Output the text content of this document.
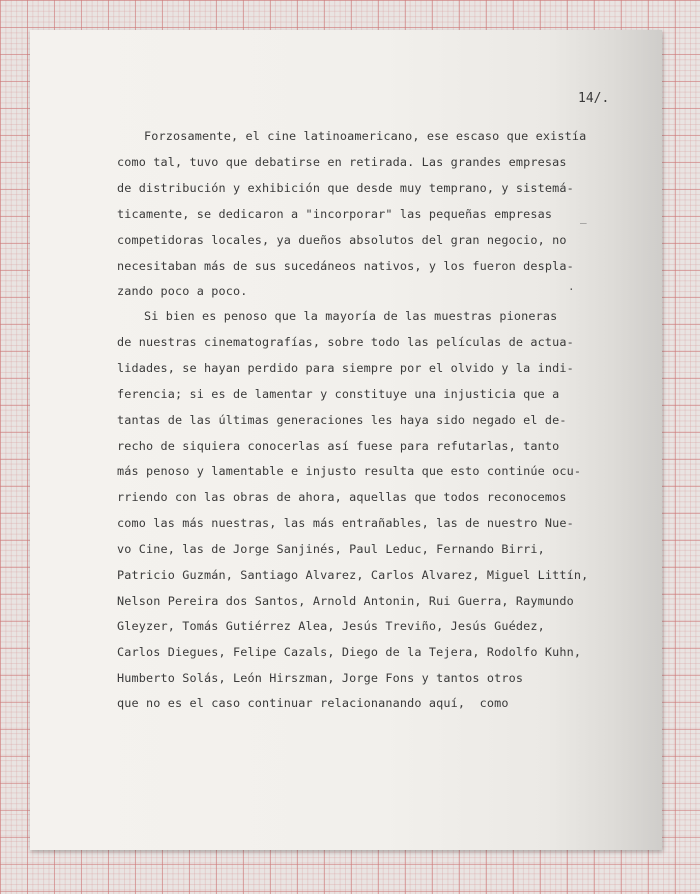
14/.
Forzosamente, el cine latinoamericano, ese escaso que existía
como tal, tuvo que debatirse en retirada. Las grandes empresas
de distribución y exhibición que desde muy temprano, y sistemá-
ticamente, se dedicaron a "incorporar" las pequeñas empresas
competidoras locales, ya dueños absolutos del gran negocio, no
necesitaban más de sus sucedáneos nativos, y los fueron despla-
zando poco a poco.
Si bien es penoso que la mayoría de las muestras pioneras
de nuestras cinematografías, sobre todo las películas de actua-
lidades, se hayan perdido para siempre por el olvido y la indi-
ferencia; si es de lamentar y constituye una injusticia que a
tantas de las últimas generaciones les haya sido negado el de-
recho de siquiera conocerlas así fuese para refutarlas, tanto
más penoso y lamentable e injusto resulta que esto continúe ocu-
rriendo con las obras de ahora, aquellas que todos reconocemos
como las más nuestras, las más entrañables, las de nuestro Nue-
vo Cine, las de Jorge Sanjinés, Paul Leduc, Fernando Birri,
Patricio Guzmán, Santiago Alvarez, Carlos Alvarez, Miguel Littín,
Nelson Pereira dos Santos, Arnold Antonin, Rui Guerra, Raymundo
Gleyzer, Tomás Gutiérrez Alea, Jesús Treviño, Jesús Guédez,
Carlos Diegues, Felipe Cazals, Diego de la Tejera, Rodolfo Kuhn,
Humberto Solás, León Hirszman, Jorge Fons y tantos otros
que no es el caso continuar relacionanando aquí,  como
_
·
